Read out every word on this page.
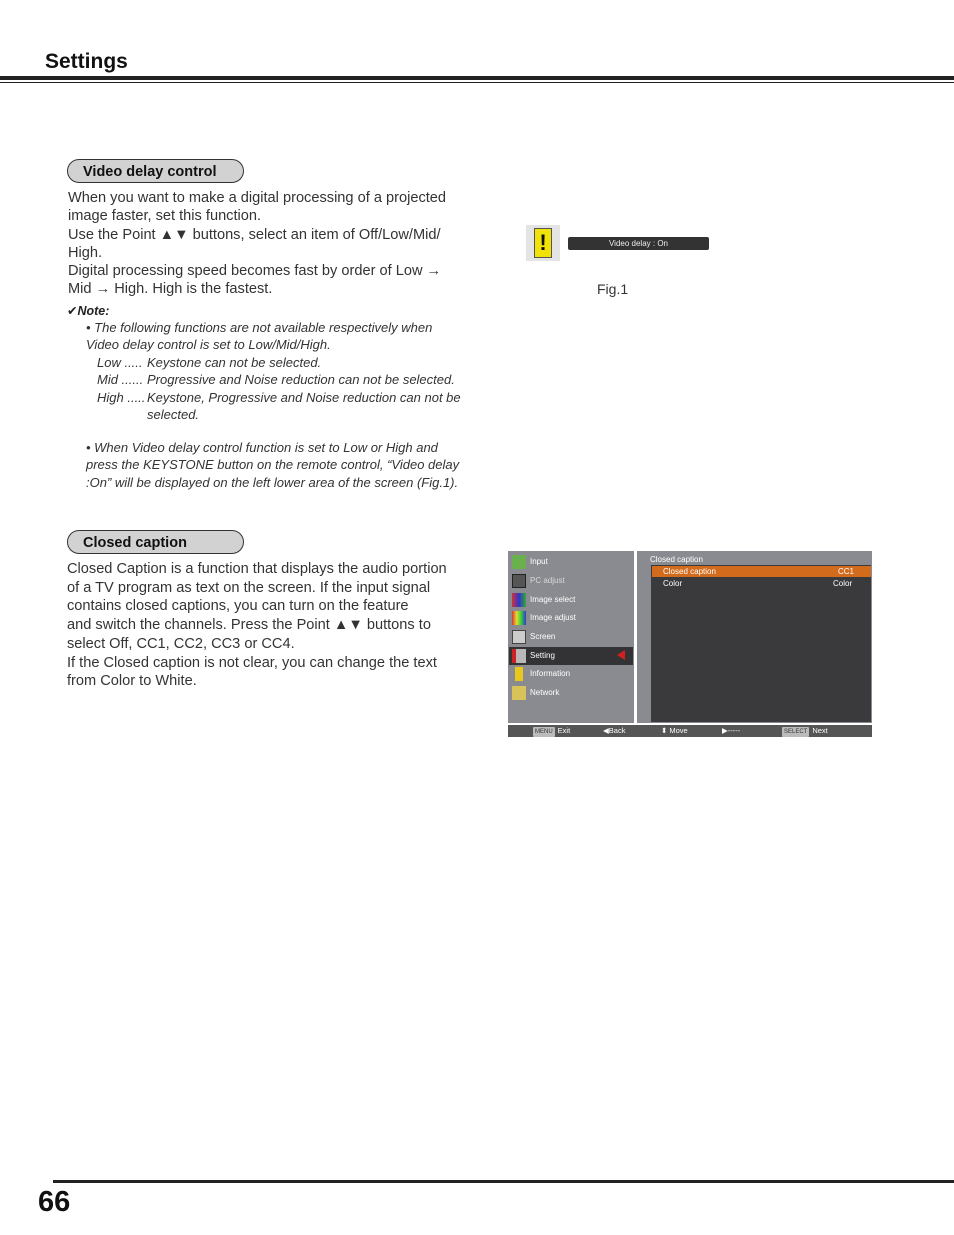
Settings
Video delay control
When you want to make a digital processing of a projected
image faster, set this function.
Use the Point ▲▼ buttons, select an item of Off/Low/Mid/
High.
Digital processing speed becomes fast by order of Low →
Mid → High. High is the fastest.
✔Note:
• The following functions are not available respectively when
Video delay control is set to Low/Mid/High.
Low ..... Keystone can not be selected.
Mid ...... Progressive and Noise reduction can not be selected.
High ..... Keystone, Progressive and Noise reduction can not be
selected.
• When Video delay control function is set to Low or High and
press the KEYSTONE button on the remote control, “Video delay
:On” will be displayed on the left lower area of the screen (Fig.1).
!	Video delay : On
Fig.1
Closed caption
Closed Caption is a function that displays the audio portion
of a TV program as text on the screen. If the input signal
contains closed captions, you can turn on the feature
and switch the channels. Press the Point ▲▼ buttons to
select Off, CC1, CC2, CC3 or CC4.
If the Closed caption is not clear, you can change the text
from Color to White.
Input
PC adjust
Image select
Image adjust
Screen
Setting
Information
Network
Closed caption
Closed caption	CC1
Color	Color
MENU Exit	◀Back	⬍ Move	▶-----	SELECT Next
66
